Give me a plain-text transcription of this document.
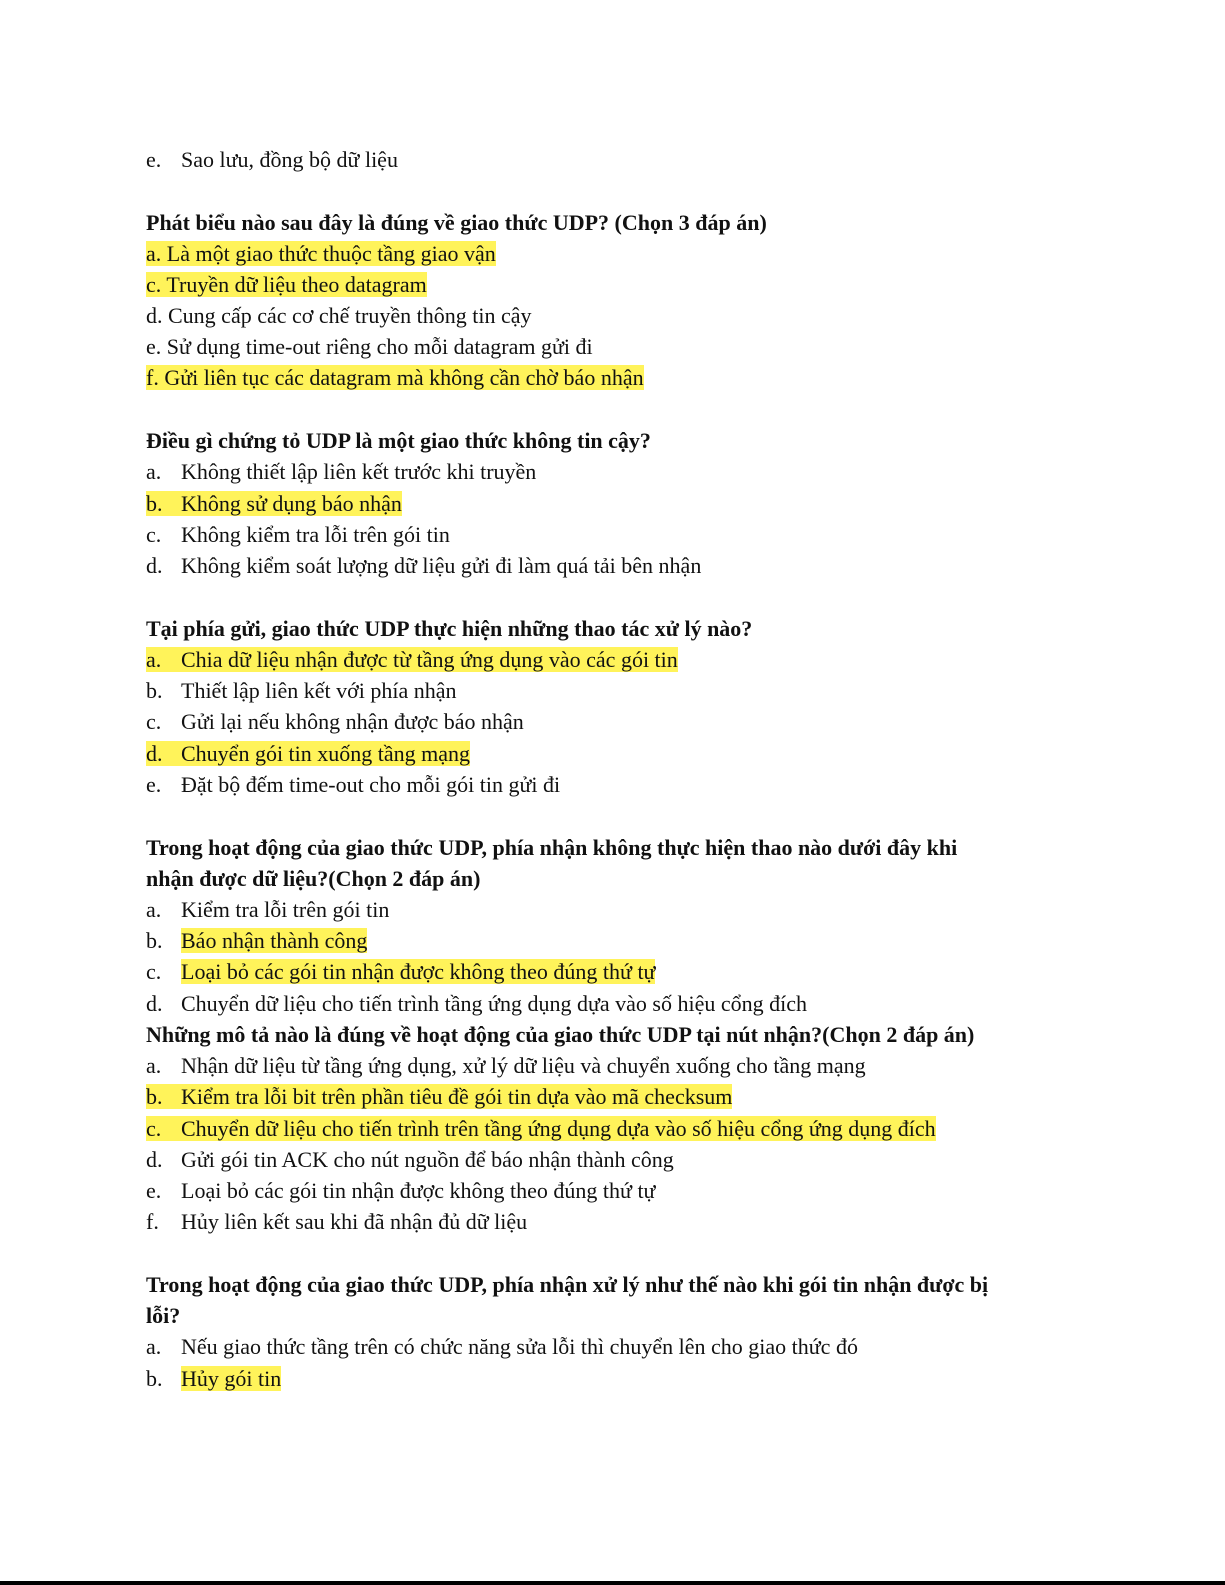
e. Sao lưu, đồng bộ dữ liệu
Phát biểu nào sau đây là đúng về giao thức UDP? (Chọn 3 đáp án)
a. Là một giao thức thuộc tầng giao vận
c. Truyền dữ liệu theo datagram
d. Cung cấp các cơ chế truyền thông tin cậy
e. Sử dụng time-out riêng cho mỗi datagram gửi đi
f. Gửi liên tục các datagram mà không cần chờ báo nhận
Điều gì chứng tỏ UDP là một giao thức không tin cậy?
a. Không thiết lập liên kết trước khi truyền
b. Không sử dụng báo nhận
c. Không kiểm tra lỗi trên gói tin
d. Không kiểm soát lượng dữ liệu gửi đi làm quá tải bên nhận
Tại phía gửi, giao thức UDP thực hiện những thao tác xử lý nào?
a. Chia dữ liệu nhận được từ tầng ứng dụng vào các gói tin
b. Thiết lập liên kết với phía nhận
c. Gửi lại nếu không nhận được báo nhận
d. Chuyển gói tin xuống tầng mạng
e. Đặt bộ đếm time-out cho mỗi gói tin gửi đi
Trong hoạt động của giao thức UDP, phía nhận không thực hiện thao nào dưới đây khi
nhận được dữ liệu?(Chọn 2 đáp án)
a. Kiểm tra lỗi trên gói tin
b. Báo nhận thành công
c. Loại bỏ các gói tin nhận được không theo đúng thứ tự
d. Chuyển dữ liệu cho tiến trình tầng ứng dụng dựa vào số hiệu cổng đích
Những mô tả nào là đúng về hoạt động của giao thức UDP tại nút nhận?(Chọn 2 đáp án)
a. Nhận dữ liệu từ tầng ứng dụng, xử lý dữ liệu và chuyển xuống cho tầng mạng
b. Kiểm tra lỗi bit trên phần tiêu đề gói tin dựa vào mã checksum
c. Chuyển dữ liệu cho tiến trình trên tầng ứng dụng dựa vào số hiệu cổng ứng dụng đích
d. Gửi gói tin ACK cho nút nguồn để báo nhận thành công
e. Loại bỏ các gói tin nhận được không theo đúng thứ tự
f. Hủy liên kết sau khi đã nhận đủ dữ liệu
Trong hoạt động của giao thức UDP, phía nhận xử lý như thế nào khi gói tin nhận được bị
lỗi?
a. Nếu giao thức tầng trên có chức năng sửa lỗi thì chuyển lên cho giao thức đó
b. Hủy gói tin
